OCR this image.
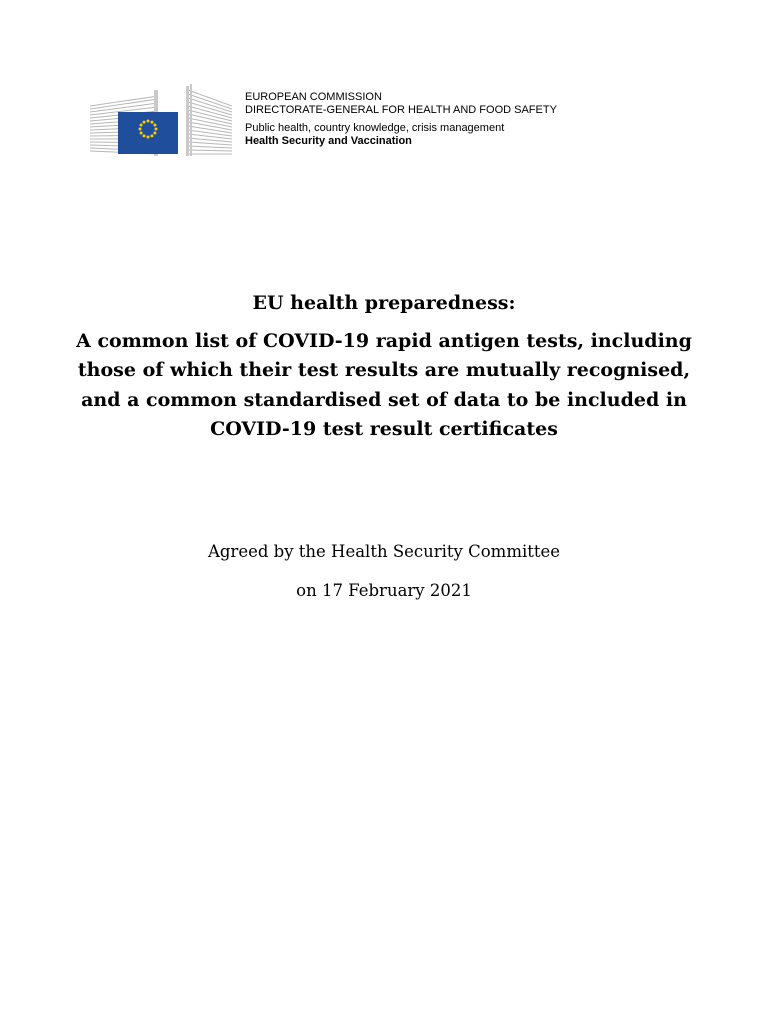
EUROPEAN COMMISSION
DIRECTORATE-GENERAL FOR HEALTH AND FOOD SAFETY
Public health, country knowledge, crisis management
Health Security and Vaccination
EU health preparedness:
A common list of COVID-19 rapid antigen tests, including those of which their test results are mutually recognised, and a common standardised set of data to be included in COVID-19 test result certificates
Agreed by the Health Security Committee
on 17 February 2021
